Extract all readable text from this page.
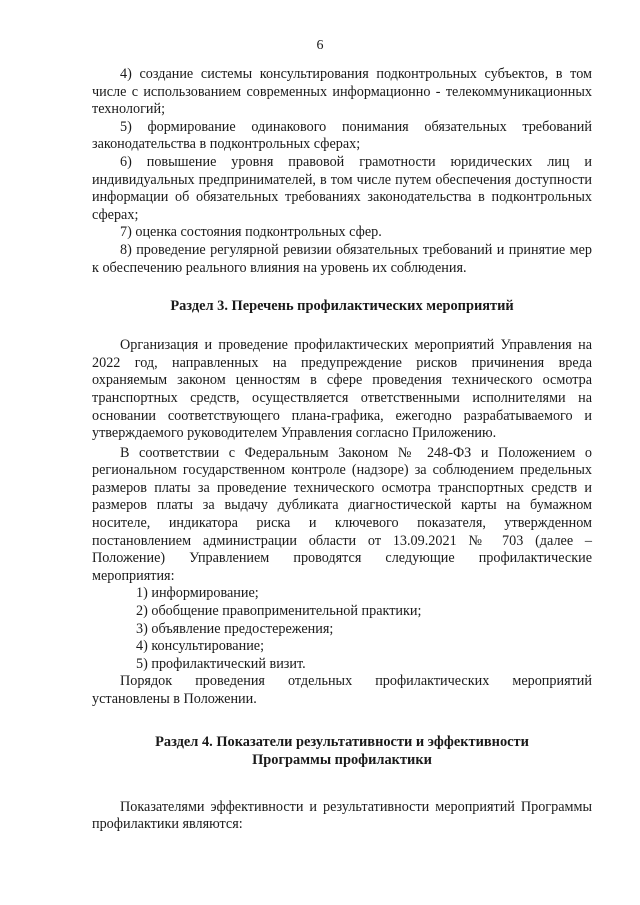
6

4) создание системы консультирования подконтрольных субъектов, в том числе с использованием современных информационно - телекоммуникационных технологий;

5) формирование одинакового понимания обязательных требований законодательства в подконтрольных сферах;

6) повышение уровня правовой грамотности юридических лиц и индивидуальных предпринимателей, в том числе путем обеспечения доступности информации об обязательных требованиях законодательства в подконтрольных сферах;

7) оценка состояния подконтрольных сфер.

8) проведение регулярной ревизии обязательных требований и принятие мер к обеспечению реального влияния на уровень их соблюдения.

Раздел 3. Перечень профилактических мероприятий

Организация и проведение профилактических мероприятий Управления на 2022 год, направленных на предупреждение рисков причинения вреда охраняемым законом ценностям в сфере проведения технического осмотра транспортных средств, осуществляется ответственными исполнителями на основании соответствующего плана-графика, ежегодно разрабатываемого и утверждаемого руководителем Управления согласно Приложению.

В соответствии с Федеральным Законом № 248-ФЗ и Положением о региональном государственном контроле (надзоре) за соблюдением предельных размеров платы за проведение технического осмотра транспортных средств и размеров платы за выдачу дубликата диагностической карты на бумажном носителе, индикатора риска и ключевого показателя, утвержденном постановлением администрации области от 13.09.2021 № 703 (далее – Положение) Управлением проводятся следующие профилактические мероприятия:

1) информирование;
2) обобщение правоприменительной практики;
3) объявление предостережения;
4) консультирование;
5) профилактический визит.

Порядок проведения отдельных профилактических мероприятий установлены в Положении.

Раздел 4. Показатели результативности и эффективности
Программы профилактики

Показателями эффективности и результативности мероприятий Программы профилактики являются:
